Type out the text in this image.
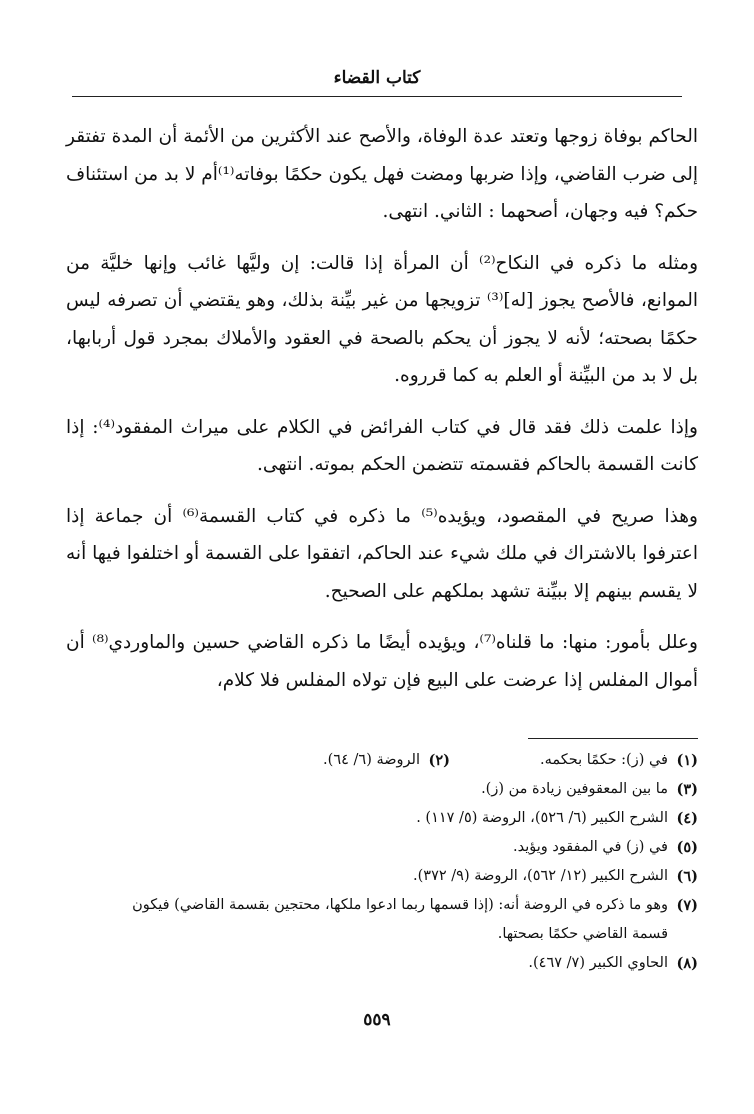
كتاب القضاء

الحاكم بوفاة زوجها وتعتد عدة الوفاة، والأصح عند الأكثرين من الأئمة أن المدة تفتقر إلى ضرب القاضي، وإذا ضربها ومضت فهل يكون حكمًا بوفاته⁽¹⁾أم لا بد من استئناف حكم؟ فيه وجهان، أصحهما : الثاني. انتهى.

ومثله ما ذكره في النكاح⁽²⁾ أن المرأة إذا قالت: إن وليَّها غائب وإنها خليَّة من الموانع، فالأصح يجوز [له]⁽³⁾ تزويجها من غير بيِّنة بذلك، وهو يقتضي أن تصرفه ليس حكمًا بصحته؛ لأنه لا يجوز أن يحكم بالصحة في العقود والأملاك بمجرد قول أربابها، بل لا بد من البيِّنة أو العلم به كما قرروه.

وإذا علمت ذلك فقد قال في كتاب الفرائض في الكلام على ميراث المفقود⁽⁴⁾: إذا كانت القسمة بالحاكم فقسمته تتضمن الحكم بموته. انتهى.

وهذا صريح في المقصود، ويؤيده⁽⁵⁾ ما ذكره في كتاب القسمة⁽⁶⁾ أن جماعة إذا اعترفوا بالاشتراك في ملك شيء عند الحاكم، اتفقوا على القسمة أو اختلفوا فيها أنه لا يقسم بينهم إلا ببيِّنة تشهد بملكهم على الصحيح.

وعلل بأمور: منها: ما قلناه⁽⁷⁾، ويؤيده أيضًا ما ذكره القاضي حسين والماوردي⁽⁸⁾ أن أموال المفلس إذا عرضت على البيع فإن تولاه المفلس فلا كلام،

(١)
في (ز): حكمًا بحكمه.
(٢)
الروضة (٦/ ٦٤).
(٣)
ما بين المعقوفين زيادة من (ز).
(٤)
الشرح الكبير (٦/ ٥٢٦)، الروضة (٥/ ١١٧) .
(٥)
في (ز) في المفقود ويؤيد.
(٦)
الشرح الكبير (١٢/ ٥٦٢)، الروضة (٩/ ٣٧٢).
(٧)
وهو ما ذكره في الروضة أنه: (إذا قسمها ربما ادعوا ملكها، محتجين بقسمة القاضي) فيكون
قسمة القاضي حكمًا بصحتها.
(٨)
الحاوي الكبير (٧/ ٤٦٧).
٥٥٩
